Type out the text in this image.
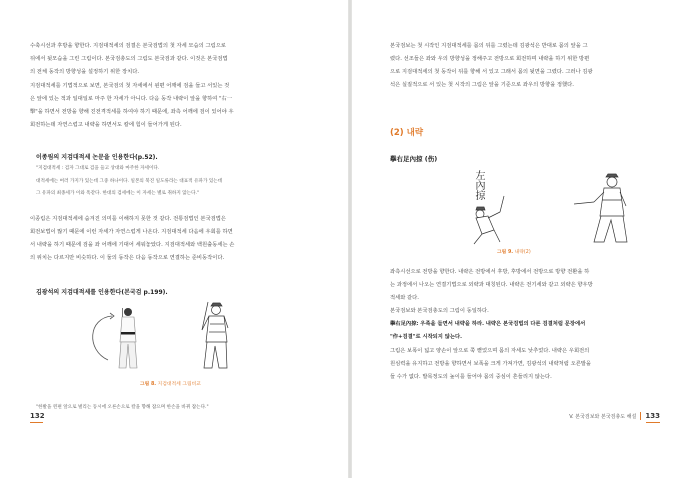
수축시선과 후방을 향한다. 지검대적세의 검결은 본국검법의 첫 자세 모습의 그림으로
뒤에서 뒷모습을 그린 그림이다. 본국검총도의 그림도 본국검과 같다. 이것은 본국검법
의 전체 동작의 방향성을 설정하기 위한 장치다.

지검대적세를 기법적으로 보면, 본국검의 첫 자세에서 왼편 어깨에 검을 들고 서있는 것
은 앞에 있는 적과 일대일로 마주 한 자세가 아니다. 다음 동작 내략이 앞을 향하여 "右一
擊"을 하면서 전방을 향해 진전격적세를 하여야 하기 때문에, 좌측 어깨에 검이 있어야 우
회전하는데 자연스럽고 내략을 하면서도 칼에 힘이 들어가게 된다.

이종림의 지검대적세 논문을 인용한다(p.52).
"지검대적세 : 검자 그대로 검을 들고 상대와 마주한 자세이다.
대적세에는 여러 가지가 있는데 그중 하나이다. 일본의 북진 일도류라는 대표적 유파가 있는데
그 유파의 최종세가 이와 똑같다. 한대의 검세에는 이 자세는 별로 취하지 않는다."

이종림은 지검대적세에 숨겨진 의미를 이해하지 못한 것 같다. 전통검법인 본국검법은
회전보법이 많기 때문에 이런 자세가 자연스럽게 나온다. 지검대적세 다음에 우회를 하면
서 내략을 하기 때문에 검을 좌 어깨에 기대어 세워놓았다. 지검대적세와 백원출동세는 손
의 위치는 다르지만 비슷하다. 이 둘의 동작은 다음 동작으로 연결하는 준비동작이다.

김광석의 지검대적세를 인용한다(본국검 p.199).
그림 8. 지검대적세 그림비교
"한발을 왼편 앞으로 벌리는 동시에 오른손으로 칼을 향해 잡으며 한손을 바뀌 잡는다."
132

본국검보는 첫 시작인 지검대적세를 몸의 뒤를 그렸는데 김광석은 반대로 몸의 앞을 그
렸다. 선조들은 좌와 우의 방향성을 정해주고 전방으로 회전하며 내략을 하기 위한 방편
으로 지검대적세의 첫 동작이 뒤를 향해 서 있고 그래서 몸의 뒷면을 그렸다. 그러나 김광
석은 실질적으로 서 있는 첫 시작의 그림은 앞을 기준으로 좌우의 방향을 정했다.

(2) 내략
擧右足內掠 (伤)
左內掠
그림 9. 내략(2)

좌측시선으로 전방을 향한다. 내략은 전방에서 후방, 후방에서 전방으로 방향 전환을 하
는 과정에서 나오는 연결기법으로 외략과 대칭된다. 내략은 전기세와 같고 외략은 향우방
적세와 같다.

본국검보와 본국검총도의 그림이 동일하다.

擧右足內掠: 우족을 들면서 내략을 하라. 내략은 본국검법의 다른 검결처럼 문장에서
"作+검결"로 시작되지 않는다.

그림은 보폭이 넓고 양손이 앞으로 쭉 뻗었으며 몸의 자세도 낮추었다. 내략은 우회전의
원심력을 유지하고 전방을 향하면서 보폭을 크게 가져가면, 김광석의 내략처럼 오른발을
들 수가 없다. 발목정도의 높이를 들어야 몸의 중심이 흔들리지 않는다.

V. 본국검보와 본국검총도 해설 133
